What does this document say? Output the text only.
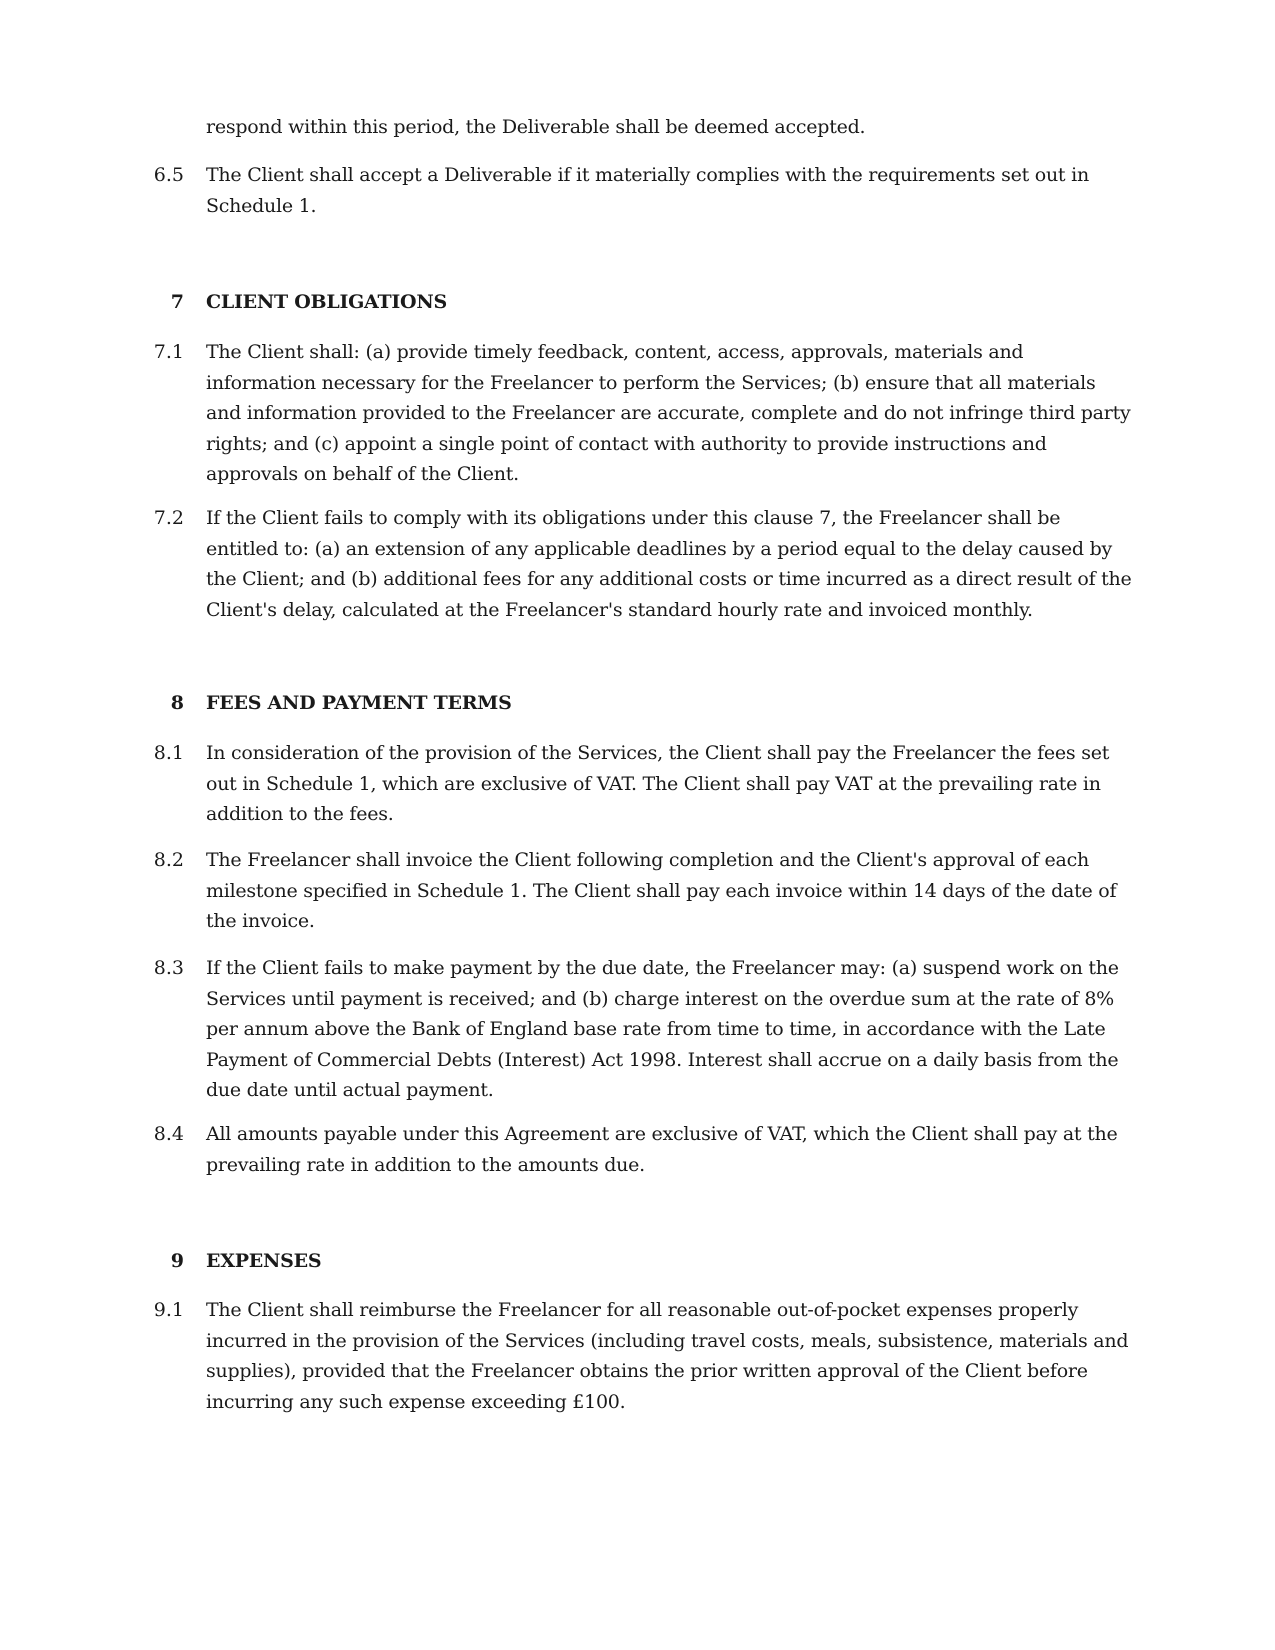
respond within this period, the Deliverable shall be deemed accepted.
6.5 The Client shall accept a Deliverable if it materially complies with the requirements set out in Schedule 1.
7 CLIENT OBLIGATIONS
7.1 The Client shall: (a) provide timely feedback, content, access, approvals, materials and information necessary for the Freelancer to perform the Services; (b) ensure that all materials and information provided to the Freelancer are accurate, complete and do not infringe third party rights; and (c) appoint a single point of contact with authority to provide instructions and approvals on behalf of the Client.
7.2 If the Client fails to comply with its obligations under this clause 7, the Freelancer shall be entitled to: (a) an extension of any applicable deadlines by a period equal to the delay caused by the Client; and (b) additional fees for any additional costs or time incurred as a direct result of the Client's delay, calculated at the Freelancer's standard hourly rate and invoiced monthly.
8 FEES AND PAYMENT TERMS
8.1 In consideration of the provision of the Services, the Client shall pay the Freelancer the fees set out in Schedule 1, which are exclusive of VAT. The Client shall pay VAT at the prevailing rate in addition to the fees.
8.2 The Freelancer shall invoice the Client following completion and the Client's approval of each milestone specified in Schedule 1. The Client shall pay each invoice within 14 days of the date of the invoice.
8.3 If the Client fails to make payment by the due date, the Freelancer may: (a) suspend work on the Services until payment is received; and (b) charge interest on the overdue sum at the rate of 8% per annum above the Bank of England base rate from time to time, in accordance with the Late Payment of Commercial Debts (Interest) Act 1998. Interest shall accrue on a daily basis from the due date until actual payment.
8.4 All amounts payable under this Agreement are exclusive of VAT, which the Client shall pay at the prevailing rate in addition to the amounts due.
9 EXPENSES
9.1 The Client shall reimburse the Freelancer for all reasonable out-of-pocket expenses properly incurred in the provision of the Services (including travel costs, meals, subsistence, materials and supplies), provided that the Freelancer obtains the prior written approval of the Client before incurring any such expense exceeding £100.
